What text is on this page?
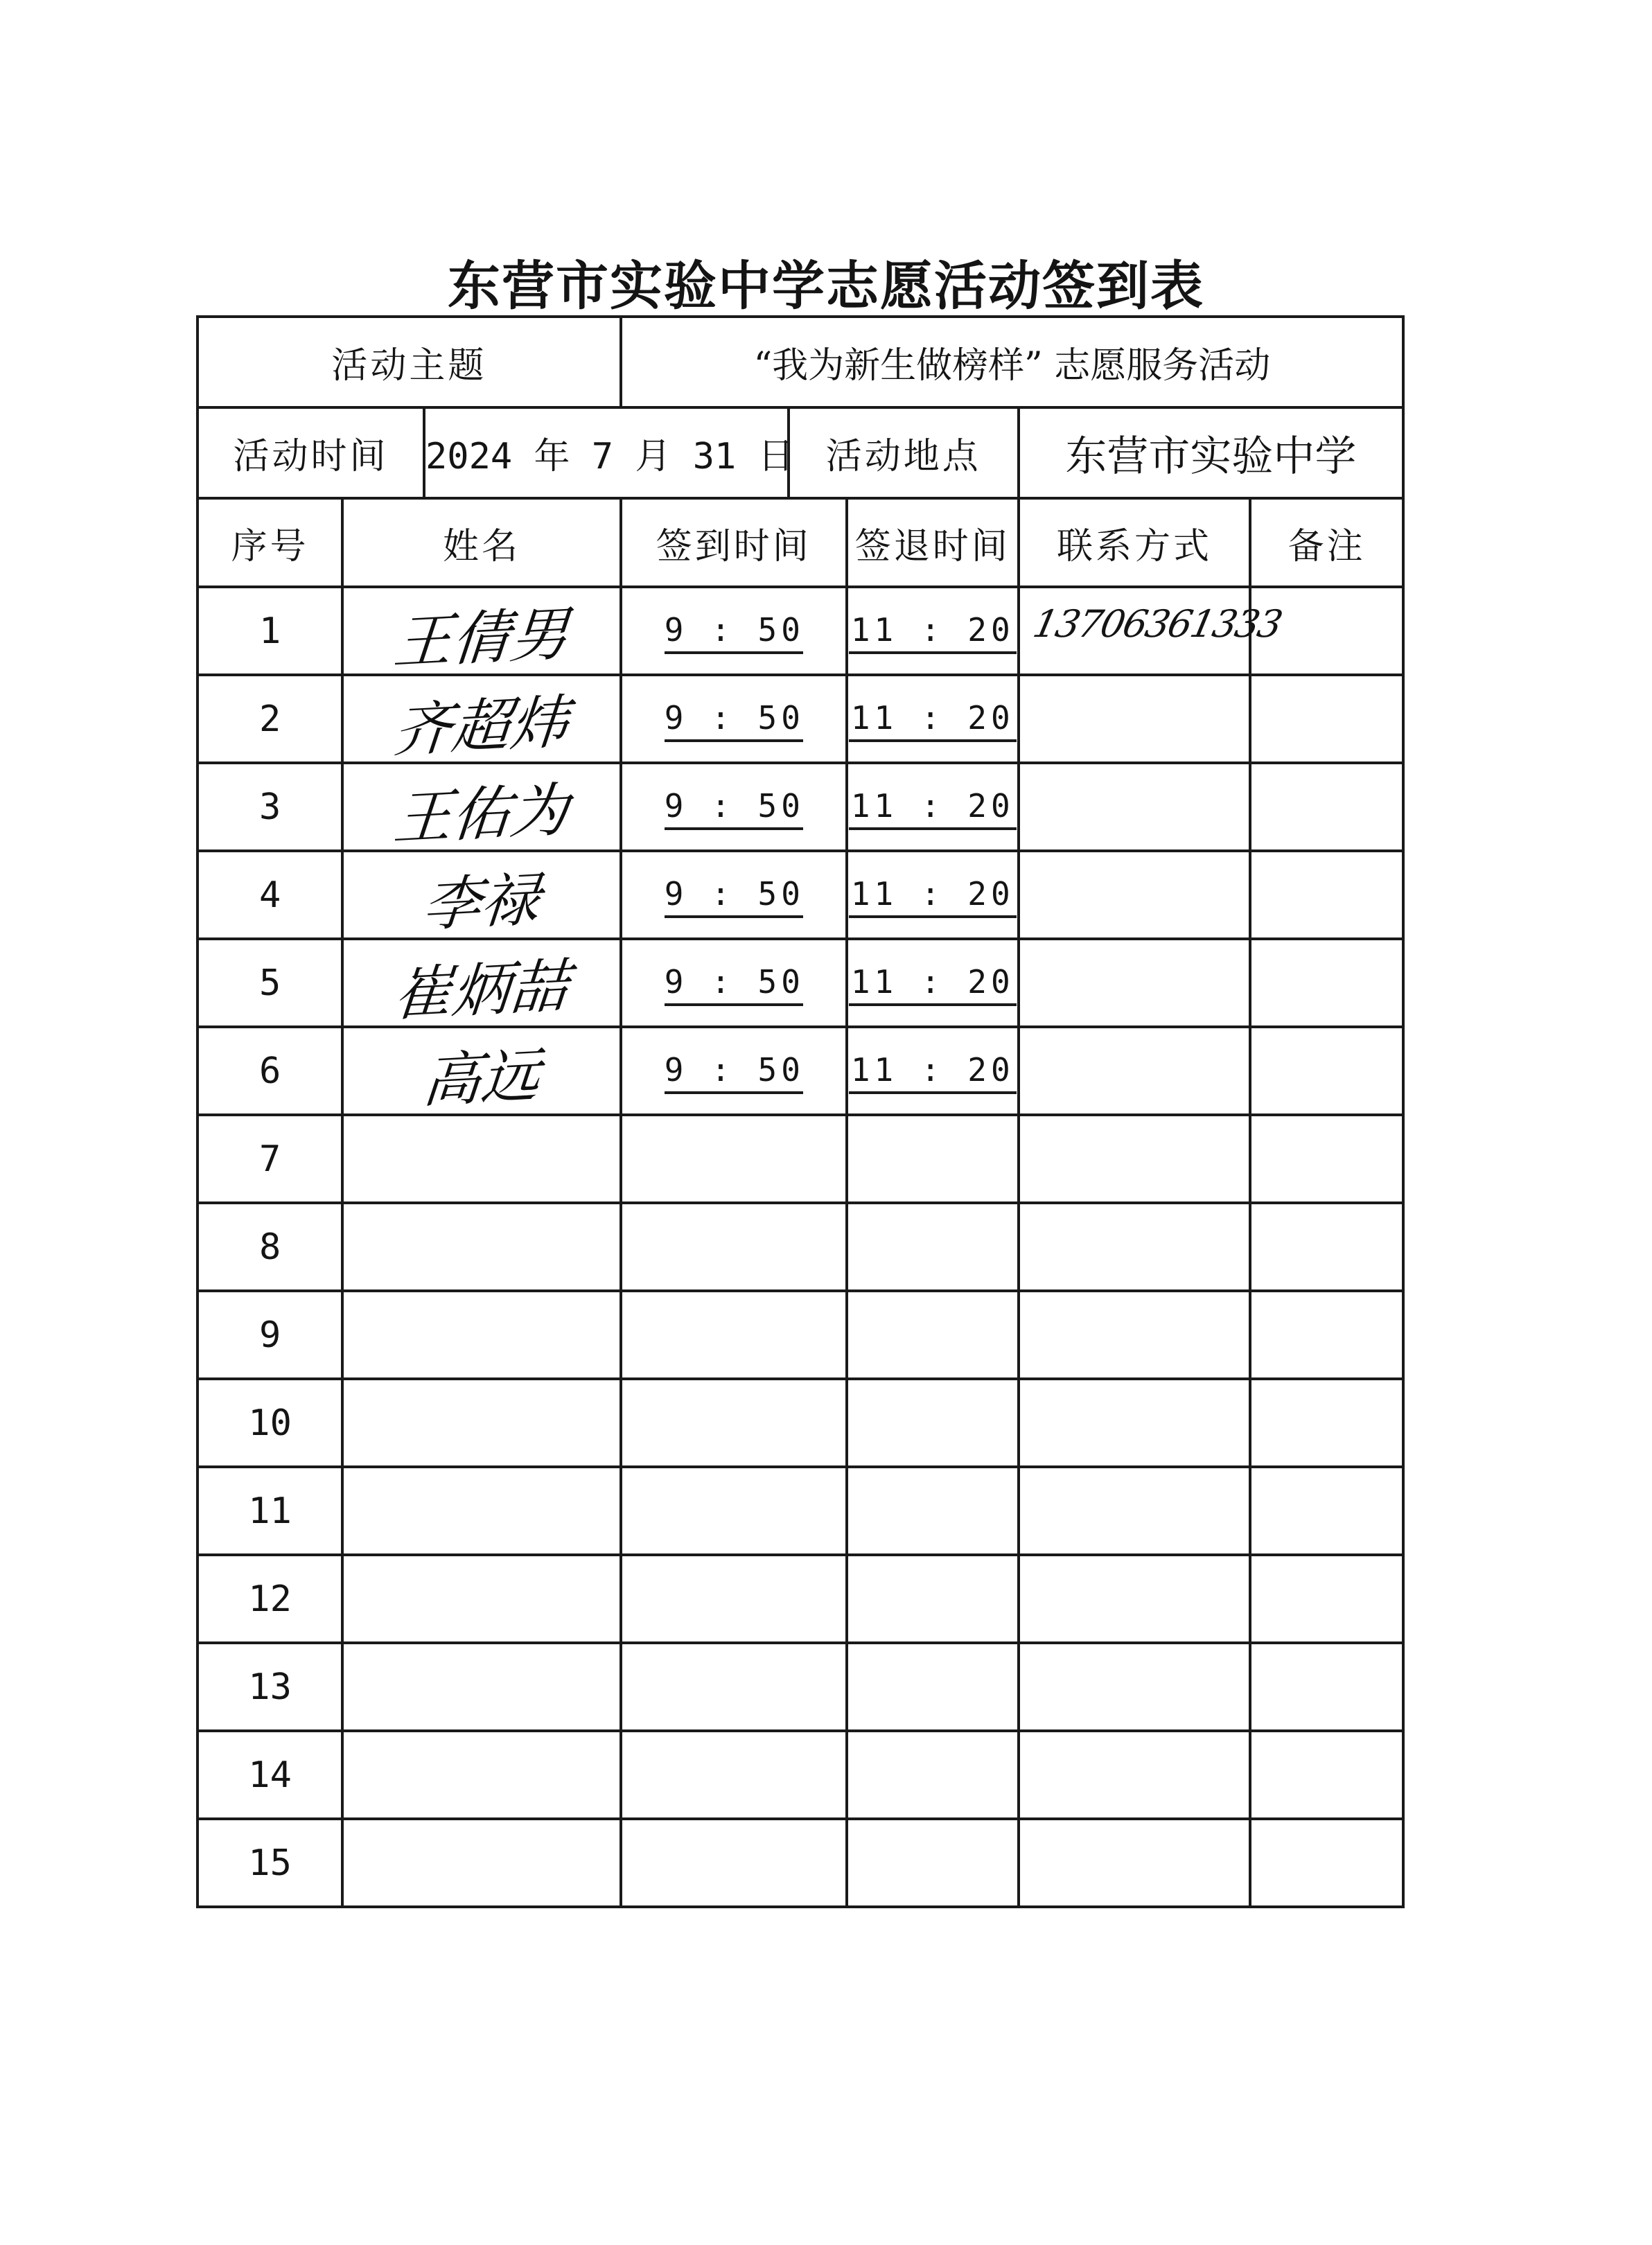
东营市实验中学志愿活动签到表
活动主题			“我为新生做榜样” 志愿服务活动				
活动时间		2024 年 7 月 31 日		活动地点		东营市实验中学	
序号	姓名		签到时间		签退时间	联系方式	备注
1	王倩男		9 : 50		11 : 20	13706361333	

2	齐超炜		9 : 50		11 : 20		
3	王佑为		9 : 50		11 : 20		
4	李禄		9 : 50		11 : 20		
5	崔炳喆		9 : 50		11 : 20		
6	高远		9 : 50		11 : 20		
7							
8							
9							
10							
11							
12							
13							
14							
15							
